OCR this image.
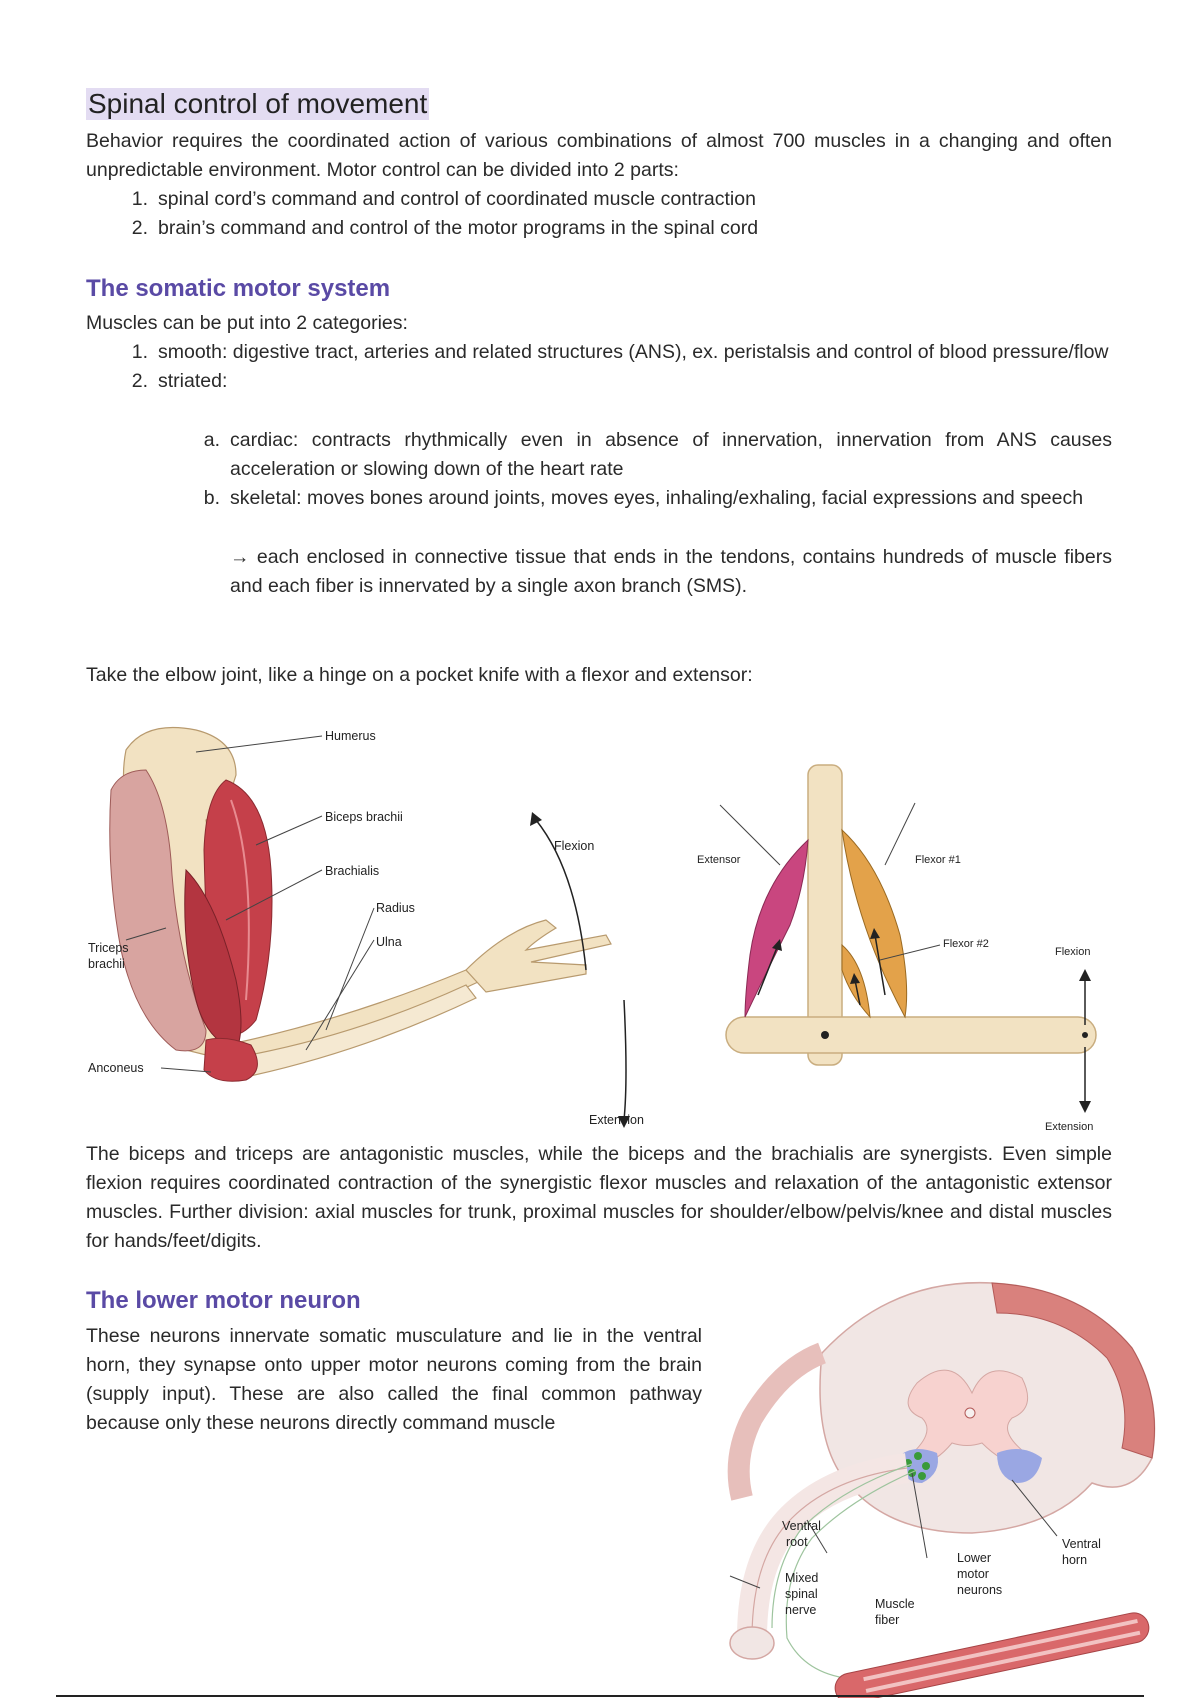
Spinal control of movement
Behavior requires the coordinated action of various combinations of almost 700 muscles in a changing and often unpredictable environment. Motor control can be divided into 2 parts:
1. spinal cord’s command and control of coordinated muscle contraction
2. brain’s command and control of the motor programs in the spinal cord
The somatic motor system
Muscles can be put into 2 categories:
1. smooth: digestive tract, arteries and related structures (ANS), ex. peristalsis and control of blood pressure/flow
2. striated:
a. cardiac: contracts rhythmically even in absence of innervation, innervation from ANS causes acceleration or slowing down of the heart rate
b. skeletal: moves bones around joints, moves eyes, inhaling/exhaling, facial expressions and speech
→ each enclosed in connective tissue that ends in the tendons, contains hundreds of muscle fibers and each fiber is innervated by a single axon branch (SMS).
Take the elbow joint, like a hinge on a pocket knife with a flexor and extensor:
Humerus
Biceps brachii
Brachialis
Radius
Ulna
Triceps
brachii
Anconeus
Flexion
Extension
Extensor	Flexor #1
Flexor #2
Flexion
Extension
The biceps and triceps are antagonistic muscles, while the biceps and the brachialis are synergists. Even simple flexion requires coordinated contraction of the synergistic flexor muscles and relaxation of the antagonistic extensor muscles. Further division: axial muscles for trunk, proximal muscles for shoulder/elbow/pelvis/knee and distal muscles for hands/feet/digits.
The lower motor neuron
These neurons innervate somatic musculature and lie in the ventral horn, they synapse onto upper motor neurons coming from the brain (supply input). These are also called the final common pathway because only these neurons directly command muscle
Ventral
root
Mixed
spinal
nerve	Muscle
fiber
Lower
motor
neurons
Ventral
horn
